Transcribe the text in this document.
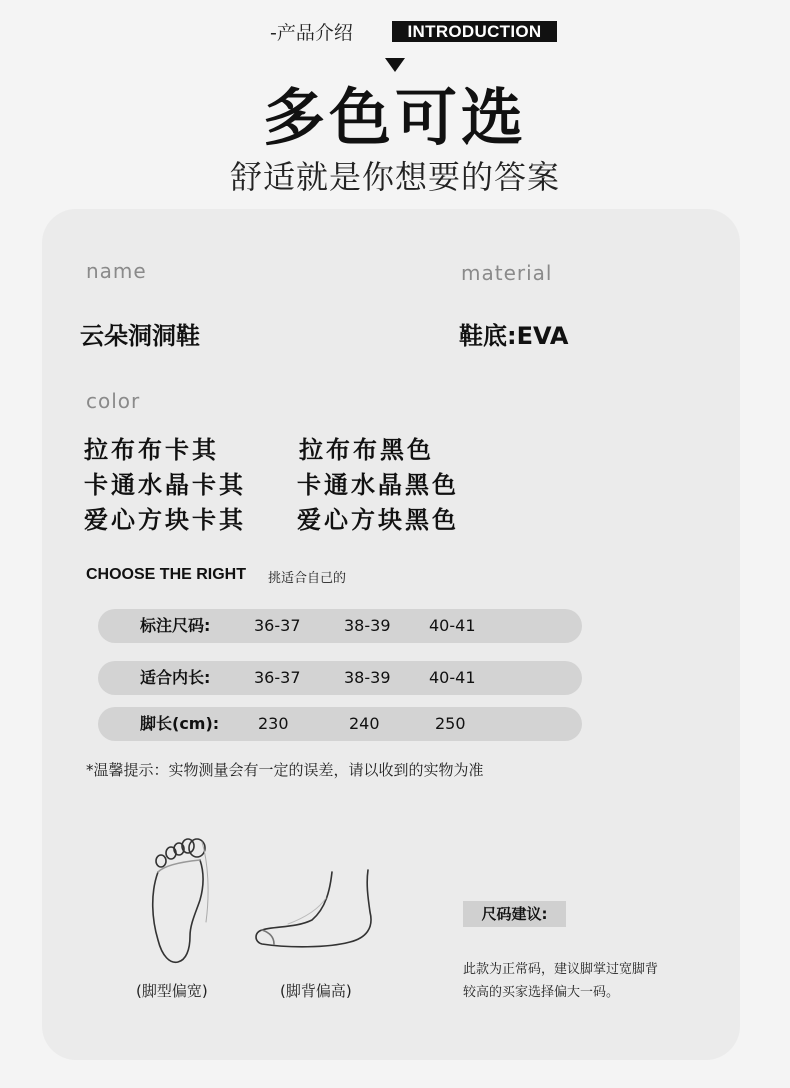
-产品介绍	INTRODUCTION
多色可选
舒适就是你想要的答案
name
云朵洞洞鞋
material
鞋底:EVA
color
拉布布卡其	拉布布黑色
卡通水晶卡其 卡通水晶黑色
爱心方块卡其 爱心方块黑色
CHOOSE THE RIGHT 挑适合自己的
标注尺码:	36-37	38-39 40-41
适合内长:	36-37	38-39 40-41
脚长(cm): 230	240	250
*温馨提示：实物测量会有一定的误差，请以收到的实物为准
(脚型偏宽)	(脚背偏高)
尺码建议:
此款为正常码，建议脚掌过宽脚背
较高的买家选择偏大一码。
